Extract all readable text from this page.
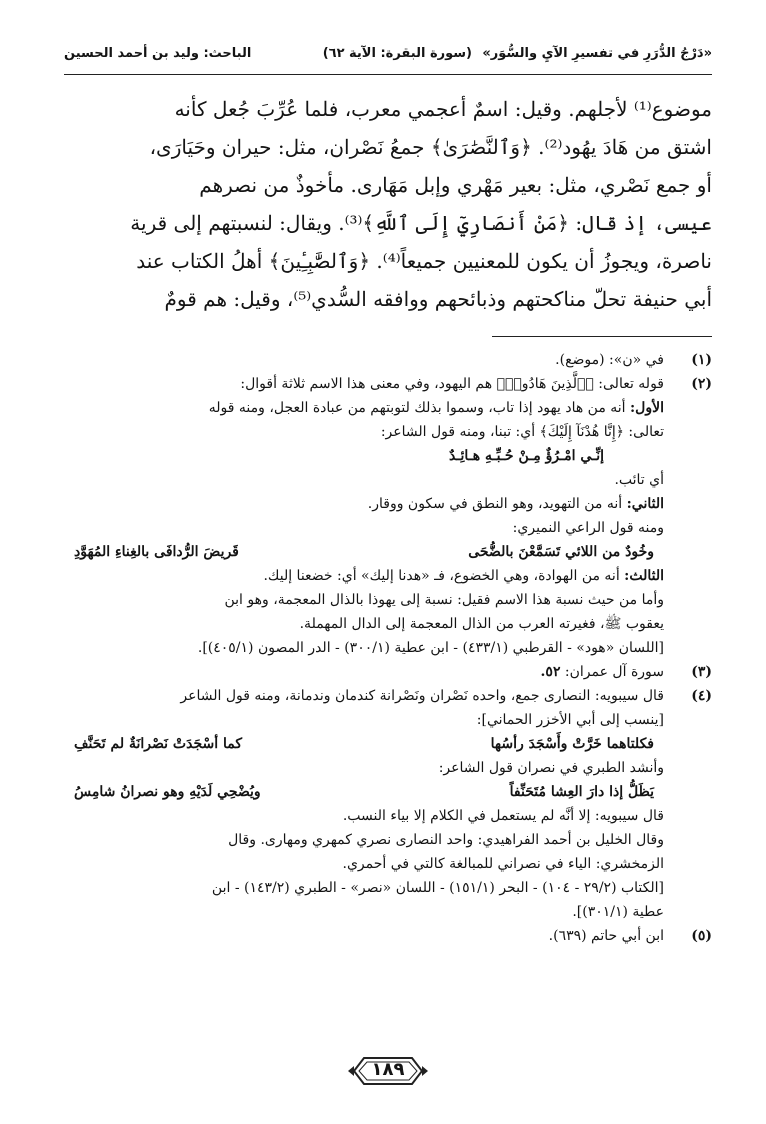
«دَرْجُ الدُّرَرِ في تفسيرِ الآيِ والسُّوَر»
(سورة البقرة: الآية ٦٢)
الباحث: وليد بن أحمد الحسين

موضوع⁽¹⁾ لأجلهم. وقيل: اسمٌ أعجمي معرب، فلما عُرِّبَ جُعل كأنه

اشتق من هَادَ يهُود⁽²⁾. ﴿وَٱلنَّصَٰرَىٰ﴾ جمعُ نَصْران، مثل: حيران وحَيَارَى،

أو جمع نَصْري، مثل: بعير مَهْري وإبل مَهَارى. مأخوذٌ من نصرهم

عيسى، إذ قال: ﴿مَنْ أَنصَارِيٓ إِلَى ٱللَّهِ﴾⁽³⁾. ويقال: لنسبتهم إلى قرية

ناصرة، ويجوزُ أن يكون للمعنيين جميعاً⁽⁴⁾. ﴿وَٱلصَّٰبِـِٔينَ﴾ أهلُ الكتاب عند

أبي حنيفة تحلّ مناكحتهم وذبائحهم ووافقه السُّدي⁽⁵⁾، وقيل: هم قومٌ

(١)

في «ن»: (موضع).

(٢)

قوله تعالى: ﴿ٱلَّذِينَ هَادُوا۟﴾ هم اليهود، وفي معنى هذا الاسم ثلاثة أقوال:

الأول: أنه من هاد يهود إذا تاب، وسموا بذلك لتوبتهم من عبادة العجل، ومنه قوله

تعالى: ﴿إِنَّا هُدْنَآ إِلَيْكَ﴾ أي: تبنا، ومنه قول الشاعر:

إنِّـي امْـرُؤٌ مِـنْ حُـبِّـهِ هـائِـدٌ

أي تائب.

الثاني: أنه من التهويد، وهو النطق في سكون ووقار.

ومنه قول الراعي النميري:

وخُودٌ من اللائي تَسَمَّعْنَ بالضُّحَى
قَريضَ الرُّدافَى بالغِناءِ المُهَوَّدِ

الثالث: أنه من الهوادة، وهي الخضوع، فـ «هدنا إليك» أي: خضعنا إليك.

وأما من حيث نسبة هذا الاسم فقيل: نسبة إلى يهوذا بالذال المعجمة، وهو ابن

يعقوب ﷺ، فغيرته العرب من الذال المعجمة إلى الدال المهملة.

[اللسان «هود» - القرطبي (٤٣٣/١) - ابن عطية (٣٠٠/١) - الدر المصون (٤٠٥/١)].

(٣)

سورة آل عمران: ٥٢.

(٤)

قال سيبويه: النصارى جمع، واحده نَصْران ونَصْرانة كندمان وندمانة، ومنه قول الشاعر

[ينسب إلى أبي الأخزر الحماني]:

فكلتاهما خَرَّتْ وأَسْجَدَ رأسُها
كما أسْجَدَتْ نَصْرانَةٌ لم تَحَنَّفِ

وأنشد الطبري في نصران قول الشاعر:

يَظَلُّ إذا دارَ العِشا مُتَحَنِّفاً
ويُضْحِي لَدَيْهِ وهو نصرانُ شامِسُ

قال سيبويه: إلا أنَّه لم يستعمل في الكلام إلا بياء النسب.

وقال الخليل بن أحمد الفراهيدي: واحد النصارى نصري كمهري ومهارى. وقال

الزمخشري: الياء في نصراني للمبالغة كالتي في أحمري.

[الكتاب (٢٩/٢ - ١٠٤) - البحر (١٥١/١) - اللسان «نصر» - الطبري (١٤٣/٢) - ابن

عطية (٣٠١/١)].

(٥)

ابن أبي حاتم (٦٣٩).

١٨٩
